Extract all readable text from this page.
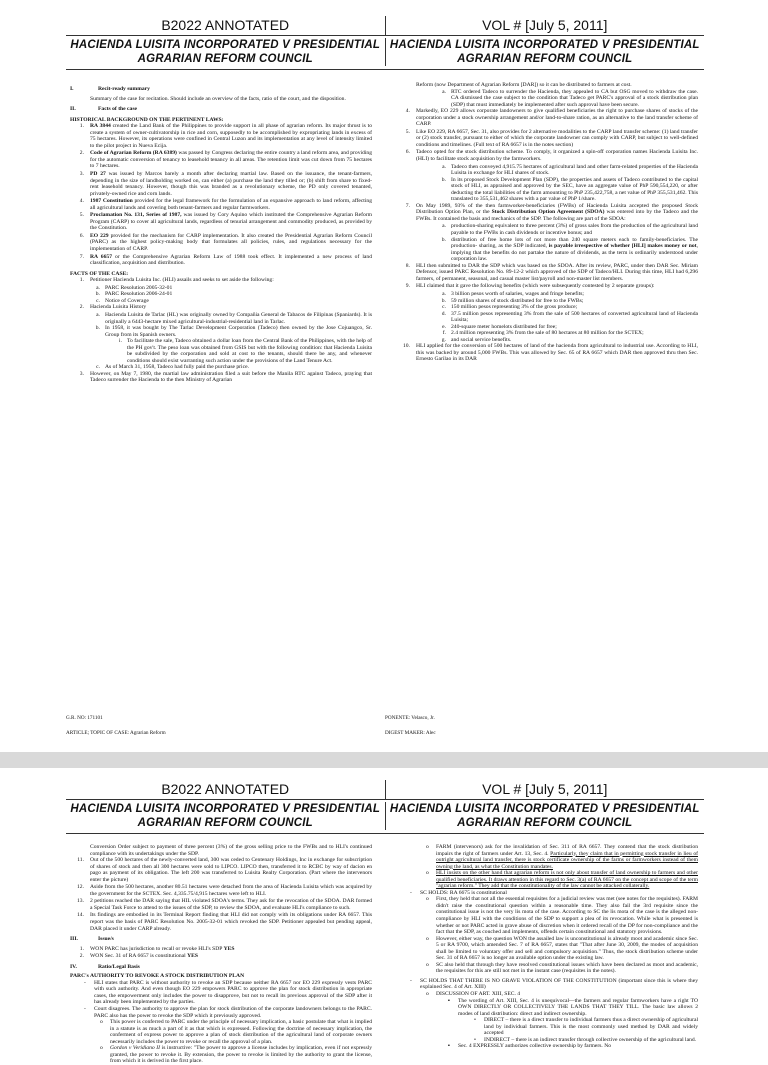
B2022 ANNOTATED	VOL # [July 5, 2011]
HACIENDA LUISITA INCORPORATED V PRESIDENTIAL AGRARIAN REFORM COUNCIL
HACIENDA LUISITA INCORPORATED V PRESIDENTIAL AGRARIAN REFORM COUNCIL
I.	Recit-ready summary

Summary of the case for recitation. Should include an overview of the facts, ratio of the court, and the disposition.

II.	Facts of the case
HISTORICAL BACKGROUND ON THE PERTINENT LAWS:
1.	RA 3844 created the Land Bank of the Philippines to provide support in all phase of agrarian reform. Its major thrust is to create a system of owner-cultivatorship in rice and corn, supposedly to be accomplished by expropriating lands in excess of 75 hectares. However, its operations were confined in Central Luzon and its implementation at any level of intensity limited to the pilot project in Nueva Ecija.
2.	Code of Agrarian Reform (RA 6389) was passed by Congress declaring the entire country a land reform area, and providing for the automatic conversion of tenancy to leasehold tenancy in all areas. The retention limit was cut down from 75 hectares to 7 hectares.
3.	PD 27 was issued by Marcos barely a month after declaring martial law. Based on the issuance, the tenant-farmers, depending in the size of landholding worked on, can either (a) purchase the land they tilled or; (b) shift from share to fixed-rent leasehold tenancy. However, though this was branded as a revolutionary scheme, the PD only covered tenanted, privately-owned rice and corn lands.
4.	1987 Constitution provided for the legal framework for the formulation of an expansive approach to land reform, affecting all agricultural lands and covering both tenant-farmers and regular farmworkers.
5.	Proclamation No. 131, Series of 1987, was issued by Cory Aquino which instituted the Comprehensive Agrarian Reform Program (CARP) to cover all agricultural lands, regardless of tenurial arrangement and commodity produced, as provided by the Constitution.
6.	EO 229 provided for the mechanism for CARP implementation. It also created the Presidential Agrarian Reform Council (PARC) as the highest policy-making body that formulates all policies, rules, and regulations necessary for the implementation of CARP.
7.	RA 6657 or the Comprehensive Agrarian Reform Law of 1988 took effect. It implemented a new process of land classification, acquisition and distribution.
FACTS OF THE CASE:
1.	Petitioner Hacienda Luisita Inc. (HLI) assails and seeks to set aside the following:
a. PARC Resolution 2005-32-01
b. PARC Resolution 2006-24-01
c. Notice of Coverage
2.	Hacienda Luisita History
a. Hacienda Luisita de Tarlac (HL) was originally owned by Compañia General de Tabacos de Filipinas (Spaniards). It is originally a 6443-hectare mixed agricultural-industrial-residential land in Tarlac.
b. In 1958, it was bought by The Tarlac Development Corporation (Tadeco) then owned by the Jose Cojuangco, Sr. Group from its Spanish owners.
i. To facilitate the sale, Tadeco obtained a dollar loan from the Central Bank of the Philippines, with the help of the PH gov't. The peso loan was obtained from GSIS but with the following condition: that Hacienda Luisita be subdivided by the corporation and sold at cost to the tenants, should there be any, and whenever conditions should exist warranting such action under the provisions of the Land Tenure Act.
c. As of March 31, 1958, Tadeco had fully paid the purchase price.
3.	However, on May 7, 1980, the martial law administration filed a suit before the Manila RTC against Tadeco, praying that Tadeco surrender the Hacienda to the then Ministry of Agrarian
Reform (now Department of Agrarian Reform [DAR]) so it can be distributed to farmers at cost.
a. RTC ordered Tadeco to surrender the Hacienda, they appealed to CA but OSG moved to withdraw the case. CA dismissed the case subject to the condition that Tadeco get PARC's approval of a stock distribution plan (SDP) that must immediately be implemented after such approval have been secure.
4.	Markedly, EO 229 allows corporate landowners to give qualified beneficiaries the right to purchase shares of stocks of the corporation under a stock ownership arrangement and/or land-to-share ration, as an alternative to the land transfer scheme of CARP.
5.	Like EO 229, RA 6657, Sec. 31, also provides for 2 alternative modalities to the CARP land transfer scheme: (1) land transfer or (2) stock transfer, pursuant to either of which the corporate landowner can comply with CARP, but subject to well-defined conditions and timelines. (Full text of RA 6657 is in the notes section)
6.	Tadeco opted for the stock distribution scheme. To comply, it organized a spin-off corporation names Hacienda Luisita Inc. (HLI) to facilitate stock acquisition by the farmworkers.
a. Tadeco then conveyed 4,915.75 hectares of agricultural land and other farm-related properties of the Hacienda Luisita in exchange for HLI shares of stock.
b. In its proposed Stock Development Plan (SDP), the properties and assets of Tadeco contributed to the capital stock of HLI, as appraised and approved by the SEC, have an aggregate value of PhP 590,554,220, or after deducting the total liabilities of the farm amounting to PhP 235,422,758, a net value of PhP 355,531,462. This translated to 355,531,462 shares with a par value of PhP 1/share.
7.	On May 1989, 93% of the then farmworker-beneficiaries (FWBs) of Hacienda Luisita accepted the proposed Stock Distribution Option Plan, or the Stock Distribution Option Agreement (SDOA) was entered into by the Tadeco and the FWBs. It contained the basis and mechanics of the SDP. The following are part of the SDOA:
a. production-sharing equivalent to three percent (3%) of gross sales from the production of the agricultural land payable to the FWBs in cash dividends or incentive bonus; and
b. distribution of free home lots of not more than 240 square meters each to family-beneficiaries. The production- sharing, as the SDP indicated, is payable irrespective of whether [HLI] makes money or not, implying that the benefits do not partake the nature of dividends, as the term is ordinarily understood under corporation law.
8.	HLI then submitted to DAR the SDP which was based on the SDOA. After its review, PARC, under then DAR Sec. Miriam Defensor, issued PARC Resolution No. 89-12-2 which approved of the SDP of Tadeco/HLI. During this time, HLI had 6,296 farmers, of permanent, seasonal, and casual master list/payroll and non-master list members.
9.	HLI claimed that it gave the following benefits (which were subsequently contested by 2 separate groups):
a. 3 billion pesos worth of salaries, wages and fringe benefits;
b. 59 million shares of stock distributed for free to the FWBs;
c. 150 million pesos representing 3% of the gross produce;
d. 37.5 million pesos representing 3% from the sale of 500 hectares of converted agricultural land of Hacienda Luisita;
e. 240-square meter homelots distributed for free;
f. 2.4 million representing 3% from the sale of 80 hectares at 80 million for the SCTEX;
g. and social service benefits.
10.	HLI applied for the conversion of 500 hectares of land of the hacienda from agricultural to industrial use. According to HLI, this was backed by around 5,000 FWBs. This was allowed by Sec. 65 of RA 6657 which DAR then approved thru then Sec. Ernesto Garilao in its DAR
G.R. NO: 171101	PONENTE: Velasco, Jr.
ARTICLE; TOPIC OF CASE: Agrarian Reform	DIGEST MAKER: Alec
B2022 ANNOTATED	VOL # [July 5, 2011]
HACIENDA LUISITA INCORPORATED V PRESIDENTIAL AGRARIAN REFORM COUNCIL
HACIENDA LUISITA INCORPORATED V PRESIDENTIAL AGRARIAN REFORM COUNCIL
Conversion Order subject to payment of three percent (3%) of the gross selling price to the FWBs and to HLI's continued compliance with its undertakings under the SDP.
11.	Out of the 500 hectares of the newly-converted land, 300 was ceded to Centenary Holdings, Inc in exchange for subscription of shares of stock and then all 300 hectares were sold to LIPCO. LIPCO then, transferred it to RCBC by way of dacion en pago as payment of its obligation. The left 200 was transferred to Luisita Realty Corporation. (Part where the intervenors enter the picture)
12.	Aside from the 500 hectares, another 80.51 hectares were detached from the area of Hacienda Luisita which was acquired by the government for the SCTEX. Sec. 4,335.75/4,915 hectares were left to HLI.
13.	2 petitions reached the DAR saying that HIL violated SDOA's terms. They ask for the revocation of the SDOA. DAR formed a Special Task Force to attend to the issues of the SDP, to review the SDOA, and evaluate HLI's compliance to such.
14.	Its findings are embodied in its Terminal Report finding that HLI did not comply with its obligations under RA 6657. This report was the basis of PARC Resolution No. 2005-32-01 which revoked the SDP. Petitioner appealed but pending appeal, DAR placed it under CARP already.
III.	Issue/s
1.	WON PARC has jurisdiction to recall or revoke HLI's SDP YES
2.	WON Sec. 31 of RA 6657 is constitutional YES
IV.	Ratio/Legal Basis
PARC's AUTHORITY TO REVOKE A STOCK DISTRIBUTION PLAN
-	HLI states that PARC is without authority to revoke an SDP because neither RA 6657 nor EO 229 expressly vests PARC with such authority. And even though EO 229 empowers PARC to approve the plan for stock distribution in appropriate cases, the empowerment only includes the power to disapprove, but not to recall its previous approval of the SDP after it has already been implemented by the parties.
-	Court disagrees. The authority to approve the plan for stock distribution of the corporate landowners belongs to the PARC. PARC also has the power to revoke the SDP which it previously approved.
o	This power is conferred to PARC under the principle of necessary implication, a basic postulate that what is implied in a statute is as much a part of it as that which is expressed. Following the doctrine of necessary implication, the conferment of express power to approve a plan of stock distribution of the agricultural land of corporate owners necessarily includes the power to revoke or recall the approval of a plan.
o	Gordon v Veridiano II is instructive: "The power to approve a license includes by implication, even if not expressly granted, the power to revoke it. By extension, the power to revoke is limited by the authority to grant the license, from which it is derived in the first place.
o	FARM (intervenors) ask for the invalidation of Sec. 311 of RA 6657. They contend that the stock distribution impairs the right of farmers under Art. 13, Sec. 4. Particularly, they claim that in permitting stock transfer in lieu of outright agricultural land transfer, there is stock certificate ownership of the farms or farmworkers instead of them owning the land, as what the Constitution mandates.
o	HLI insists on the other hand that agrarian reform is not only about transfer of land ownership to farmers and other qualified beneficiaries. It draws attention in this regard to Sec. 3(a) of RA 6657 on the concept and scope of the term "agrarian reform." They add that the constitutionality of the law cannot be attacked collaterally.
-	SC HOLDS: RA 6675 is constitutional
o	First, they held that not all the essential requisites for a judicial review was met (see notes for the requisites). FARM didn't raise the constitutional question within a reasonable time. They also fail the 3rd requisite since the constitutional issue is not the very lis mota of the case. According to SC the lis mota of the case is the alleged non-compliance by HLI with the conditions of the SDP to support a plea of its revocation. While what is presented is whether or not PARC acted in grave abuse of discretion when it ordered recall of the DP for non-compliance and the fact that the SDP, as couched and implements, offends certain constitutional and statutory provisions.
o	However, either way, the question WON the assailed law is unconstitutional is already moot and academic since Sec. 5 or RA 9700, which amended Sec. 7 of RA 6657, states that "That after June 30, 2009, the modes of acquisition shall be limited to voluntary offer and sell and compulsory acquisition." Thus, the stock distribution scheme under Sec. 31 of RA 6657 is no longer an available option under the existing law.
o	SC also held that through they have resolved constitutional issues which have been declared as moot and academic, the requisites for this are still not met in the instant case (requisites in the notes).
-	SC HOLDS THAT THERE IS NO GRAVE VIOLATION OF THE CONSTITUTION (important since this is where they explained Sec. 4 of Art. XIII)
o	DISCUSSION OF ART. XIII, SEC. 4
▪	The wording of Art. XIII, Sec. 4 is unequivocal—the farmers and regular farmworkers have a right TO OWN DIRECTLY OR COLLECTIVELY THE LANDS THAT THEY TILL. The basic law allows 2 modes of land distribution: direct and indirect ownership.
•	DIRECT – there is a direct transfer to individual farmers thus a direct ownership of agricultural land by individual farmers. This is the most commonly used method by DAR and widely accepted
•	INDIRECT – there is an indirect transfer through collective ownership of the agricultural land.
▪	Sec. 4 EXPRESSLY authorizes collective ownership by farmers. No
